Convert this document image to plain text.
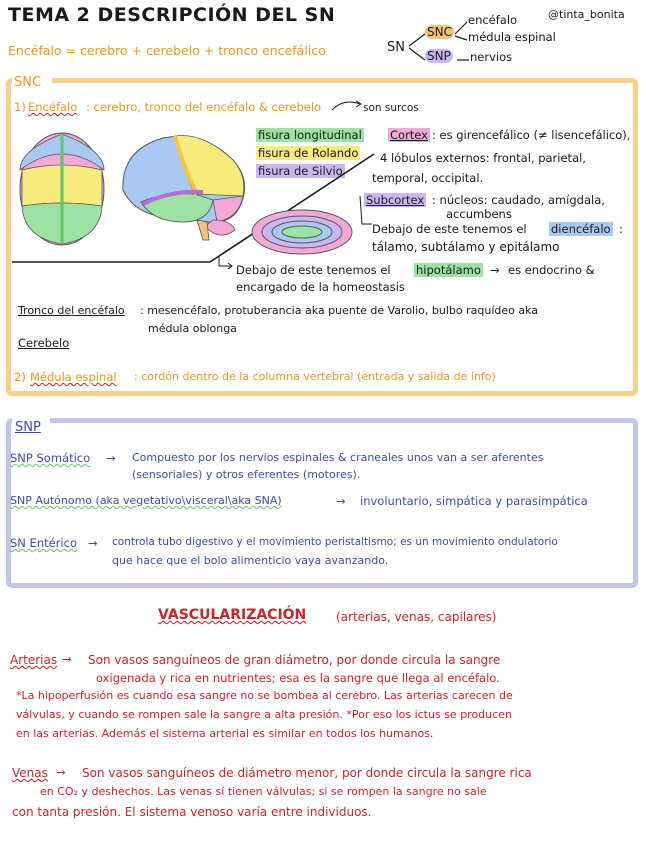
TEMA 2 DESCRIPCIÓN DEL SN	@tinta_bonita
Encéfalo = cerebro + cerebelo + tronco encefálico	SN
SNC
SNP
encéfalo
médula espinal
nervios
SNC
1) Encéfalo : cerebro, tronco del encéfalo & cerebelo	son surcos
fisura longitudinal
fisura de Rolando
fisura de Silvio
Cortex : es girencefálico (≠ lisencefálico),
4 lóbulos externos: frontal, parietal,
temporal, occipital.
Subcortex : núcleos: caudado, amígdala,
accumbens
Debajo de este tenemos el diencéfalo :
tálamo, subtálamo y epitálamo
Debajo de este tenemos el hipotálamo → es endocrino &
encargado de la homeostasis
Tronco del encéfalo : mesencéfalo, protuberancia aka puente de Varolio, bulbo raquídeo aka
médula oblonga
Cerebelo
2) Médula espinal : cordón dentro de la columna vertebral (entrada y salida de info)
SNP
SNP Somático → Compuesto por los nervios espinales & craneales unos van a ser aferentes
(sensoriales) y otros eferentes (motores).
SNP Autónomo (aka vegetativo\visceral\aka SNA)	→ involuntario, simpática y parasimpática
SN Entérico → controla tubo digestivo y el movimiento peristaltismo; es un movimiento ondulatorio
que hace que el bolo alimenticio vaya avanzando.
VASCULARIZACIÓN (arterias, venas, capilares)
Arterias → Son vasos sanguíneos de gran diámetro, por donde circula la sangre
oxigenada y rica en nutrientes; esa es la sangre que llega al encéfalo.
*La hipoperfusión es cuando esa sangre no se bombea al cerebro. Las arterias carecen de
válvulas, y cuando se rompen sale la sangre a alta presión. *Por eso los ictus se producen
en las arterias. Además el sistema arterial es similar en todos los humanos.
Venas → Son vasos sanguíneos de diámetro menor, por donde circula la sangre rica
en CO₂ y deshechos. Las venas sí tienen válvulas; si se rompen la sangre no sale
con tanta presión. El sistema venoso varía entre individuos.
